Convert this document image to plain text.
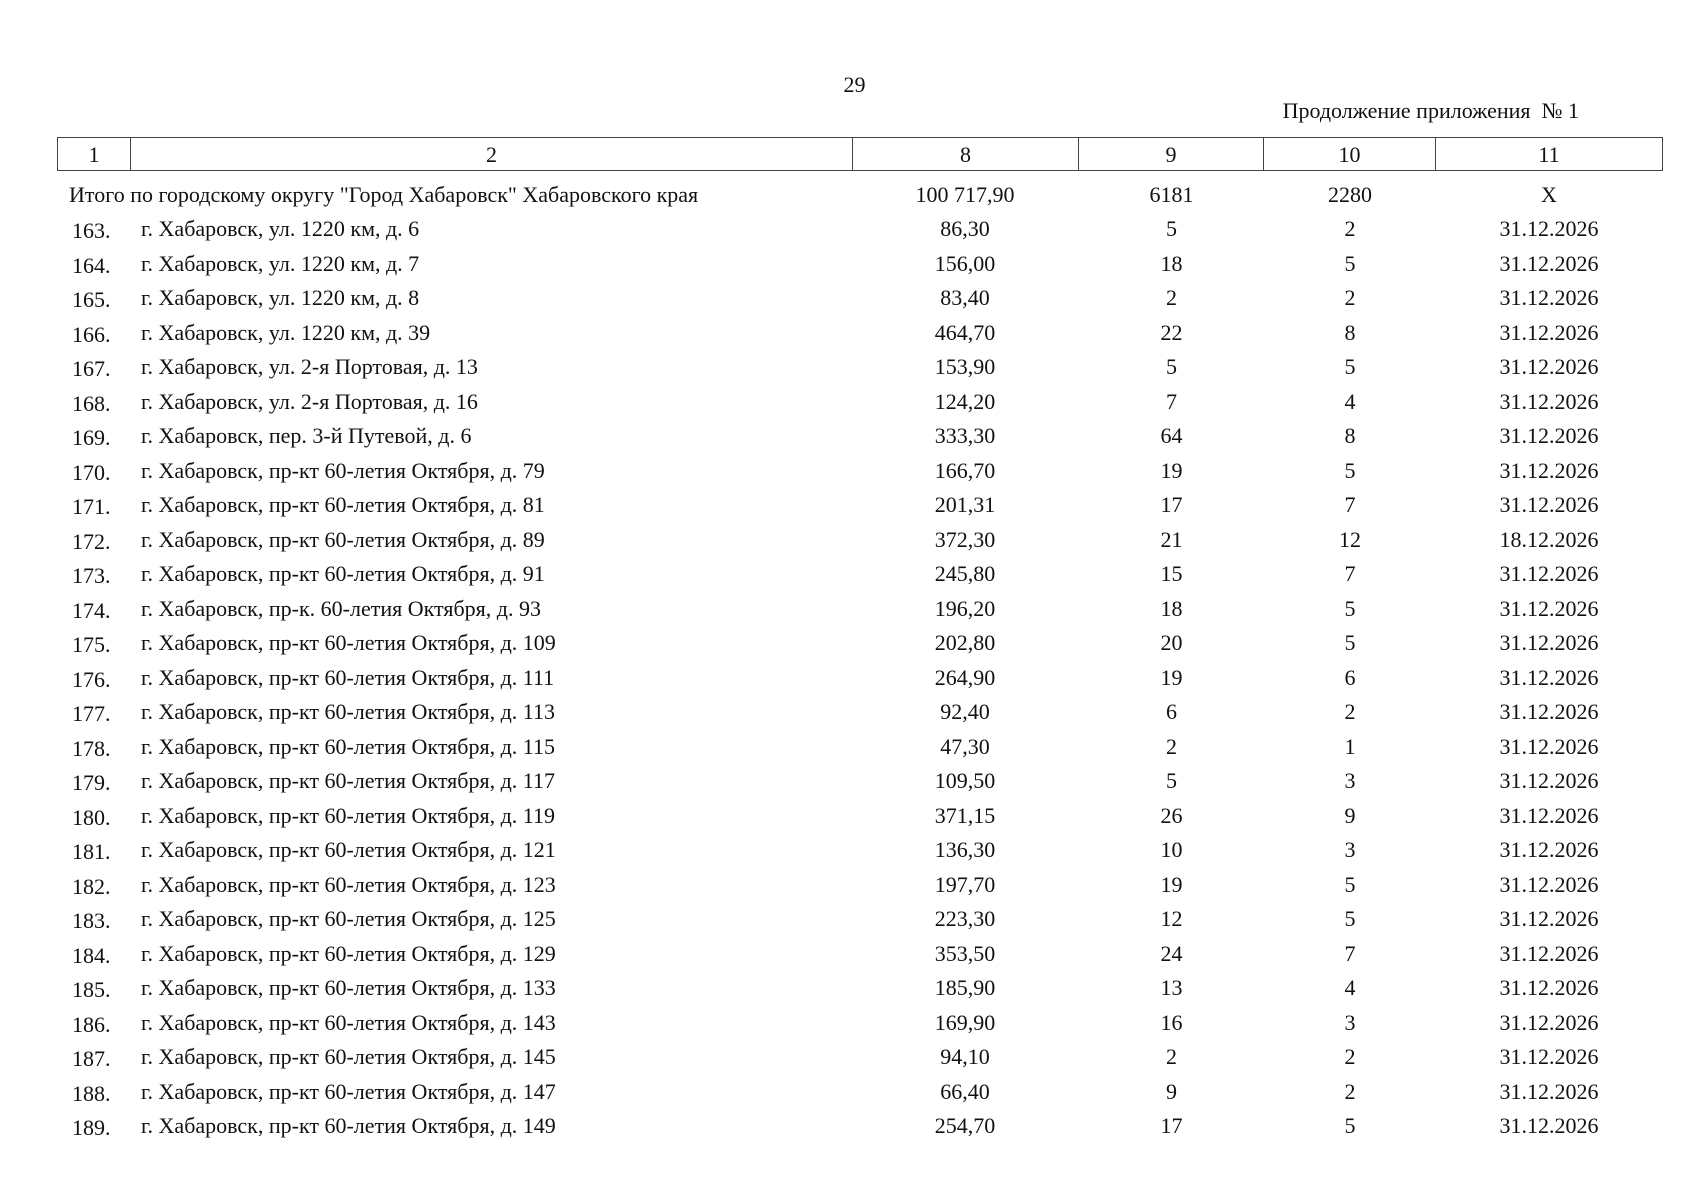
29
Продолжение приложения  № 1
1	2	8	9	10	11
Итого по городскому округу "Город Хабаровск" Хабаровского края	100 717,90	6181	2280	X
163. г. Хабаровск, ул. 1220 км, д. 6	86,30	5	2	31.12.2026
164. г. Хабаровск, ул. 1220 км, д. 7	156,00	18	5	31.12.2026
165. г. Хабаровск, ул. 1220 км, д. 8	83,40	2	2	31.12.2026
166. г. Хабаровск, ул. 1220 км, д. 39	464,70	22	8	31.12.2026
167. г. Хабаровск, ул. 2-я Портовая, д. 13	153,90	5	5	31.12.2026
168. г. Хабаровск, ул. 2-я Портовая, д. 16	124,20	7	4	31.12.2026
169. г. Хабаровск, пер. 3-й Путевой, д. 6	333,30	64	8	31.12.2026
170. г. Хабаровск, пр-кт 60-летия Октября, д. 79	166,70	19	5	31.12.2026
171. г. Хабаровск, пр-кт 60-летия Октября, д. 81	201,31	17	7	31.12.2026
172. г. Хабаровск, пр-кт 60-летия Октября, д. 89	372,30	21	12	18.12.2026
173. г. Хабаровск, пр-кт 60-летия Октября, д. 91	245,80	15	7	31.12.2026
174. г. Хабаровск, пр-к. 60-летия Октября, д. 93	196,20	18	5	31.12.2026
175. г. Хабаровск, пр-кт 60-летия Октября, д. 109	202,80	20	5	31.12.2026
176. г. Хабаровск, пр-кт 60-летия Октября, д. 111	264,90	19	6	31.12.2026
177. г. Хабаровск, пр-кт 60-летия Октября, д. 113	92,40	6	2	31.12.2026
178. г. Хабаровск, пр-кт 60-летия Октября, д. 115	47,30	2	1	31.12.2026
179. г. Хабаровск, пр-кт 60-летия Октября, д. 117	109,50	5	3	31.12.2026
180. г. Хабаровск, пр-кт 60-летия Октября, д. 119	371,15	26	9	31.12.2026
181. г. Хабаровск, пр-кт 60-летия Октября, д. 121	136,30	10	3	31.12.2026
182. г. Хабаровск, пр-кт 60-летия Октября, д. 123	197,70	19	5	31.12.2026
183. г. Хабаровск, пр-кт 60-летия Октября, д. 125	223,30	12	5	31.12.2026
184. г. Хабаровск, пр-кт 60-летия Октября, д. 129	353,50	24	7	31.12.2026
185. г. Хабаровск, пр-кт 60-летия Октября, д. 133	185,90	13	4	31.12.2026
186. г. Хабаровск, пр-кт 60-летия Октября, д. 143	169,90	16	3	31.12.2026
187. г. Хабаровск, пр-кт 60-летия Октября, д. 145	94,10	2	2	31.12.2026
188. г. Хабаровск, пр-кт 60-летия Октября, д. 147	66,40	9	2	31.12.2026
189. г. Хабаровск, пр-кт 60-летия Октября, д. 149	254,70	17	5	31.12.2026
